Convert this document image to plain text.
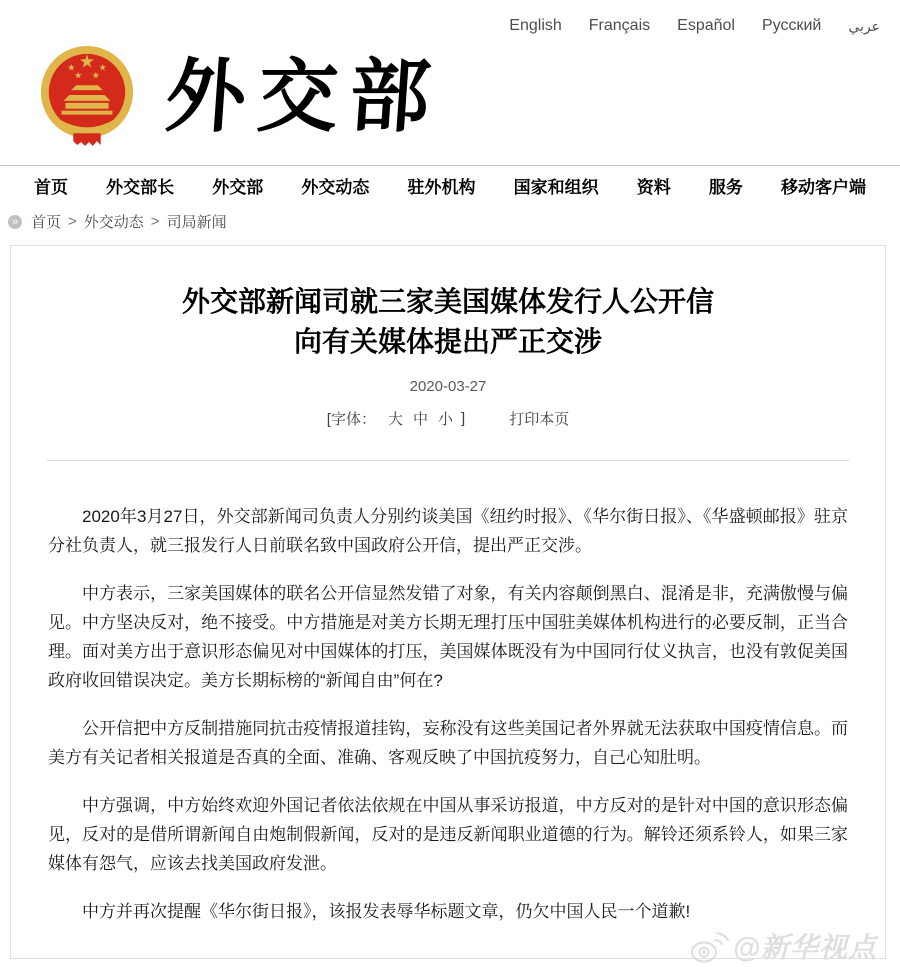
English Français Español Русский عربي
外交部
首页 外交部长 外交部 外交动态 驻外机构 国家和组织 资料 服务 移动客户端
» 首页 > 外交动态 > 司局新闻
外交部新闻司就三家美国媒体发行人公开信
向有关媒体提出严正交涉
2020-03-27
[字体： 大 中 小 ]	打印本页

2020年3月27日，外交部新闻司负责人分别约谈美国《纽约时报》、《华尔街日报》、《华盛顿邮报》驻京分社负责人，就三报发行人日前联名致中国政府公开信，提出严正交涉。

中方表示，三家美国媒体的联名公开信显然发错了对象，有关内容颠倒黑白、混淆是非，充满傲慢与偏见。中方坚决反对，绝不接受。中方措施是对美方长期无理打压中国驻美媒体机构进行的必要反制，正当合理。面对美方出于意识形态偏见对中国媒体的打压，美国媒体既没有为中国同行仗义执言，也没有敦促美国政府收回错误决定。美方长期标榜的“新闻自由”何在?

公开信把中方反制措施同抗击疫情报道挂钩，妄称没有这些美国记者外界就无法获取中国疫情信息。而美方有关记者相关报道是否真的全面、准确、客观反映了中国抗疫努力，自己心知肚明。

中方强调，中方始终欢迎外国记者依法依规在中国从事采访报道，中方反对的是针对中国的意识形态偏见，反对的是借所谓新闻自由炮制假新闻，反对的是违反新闻职业道德的行为。解铃还须系铃人，如果三家媒体有怨气，应该去找美国政府发泄。

中方并再次提醒《华尔街日报》，该报发表辱华标题文章，仍欠中国人民一个道歉!

@新华视点
